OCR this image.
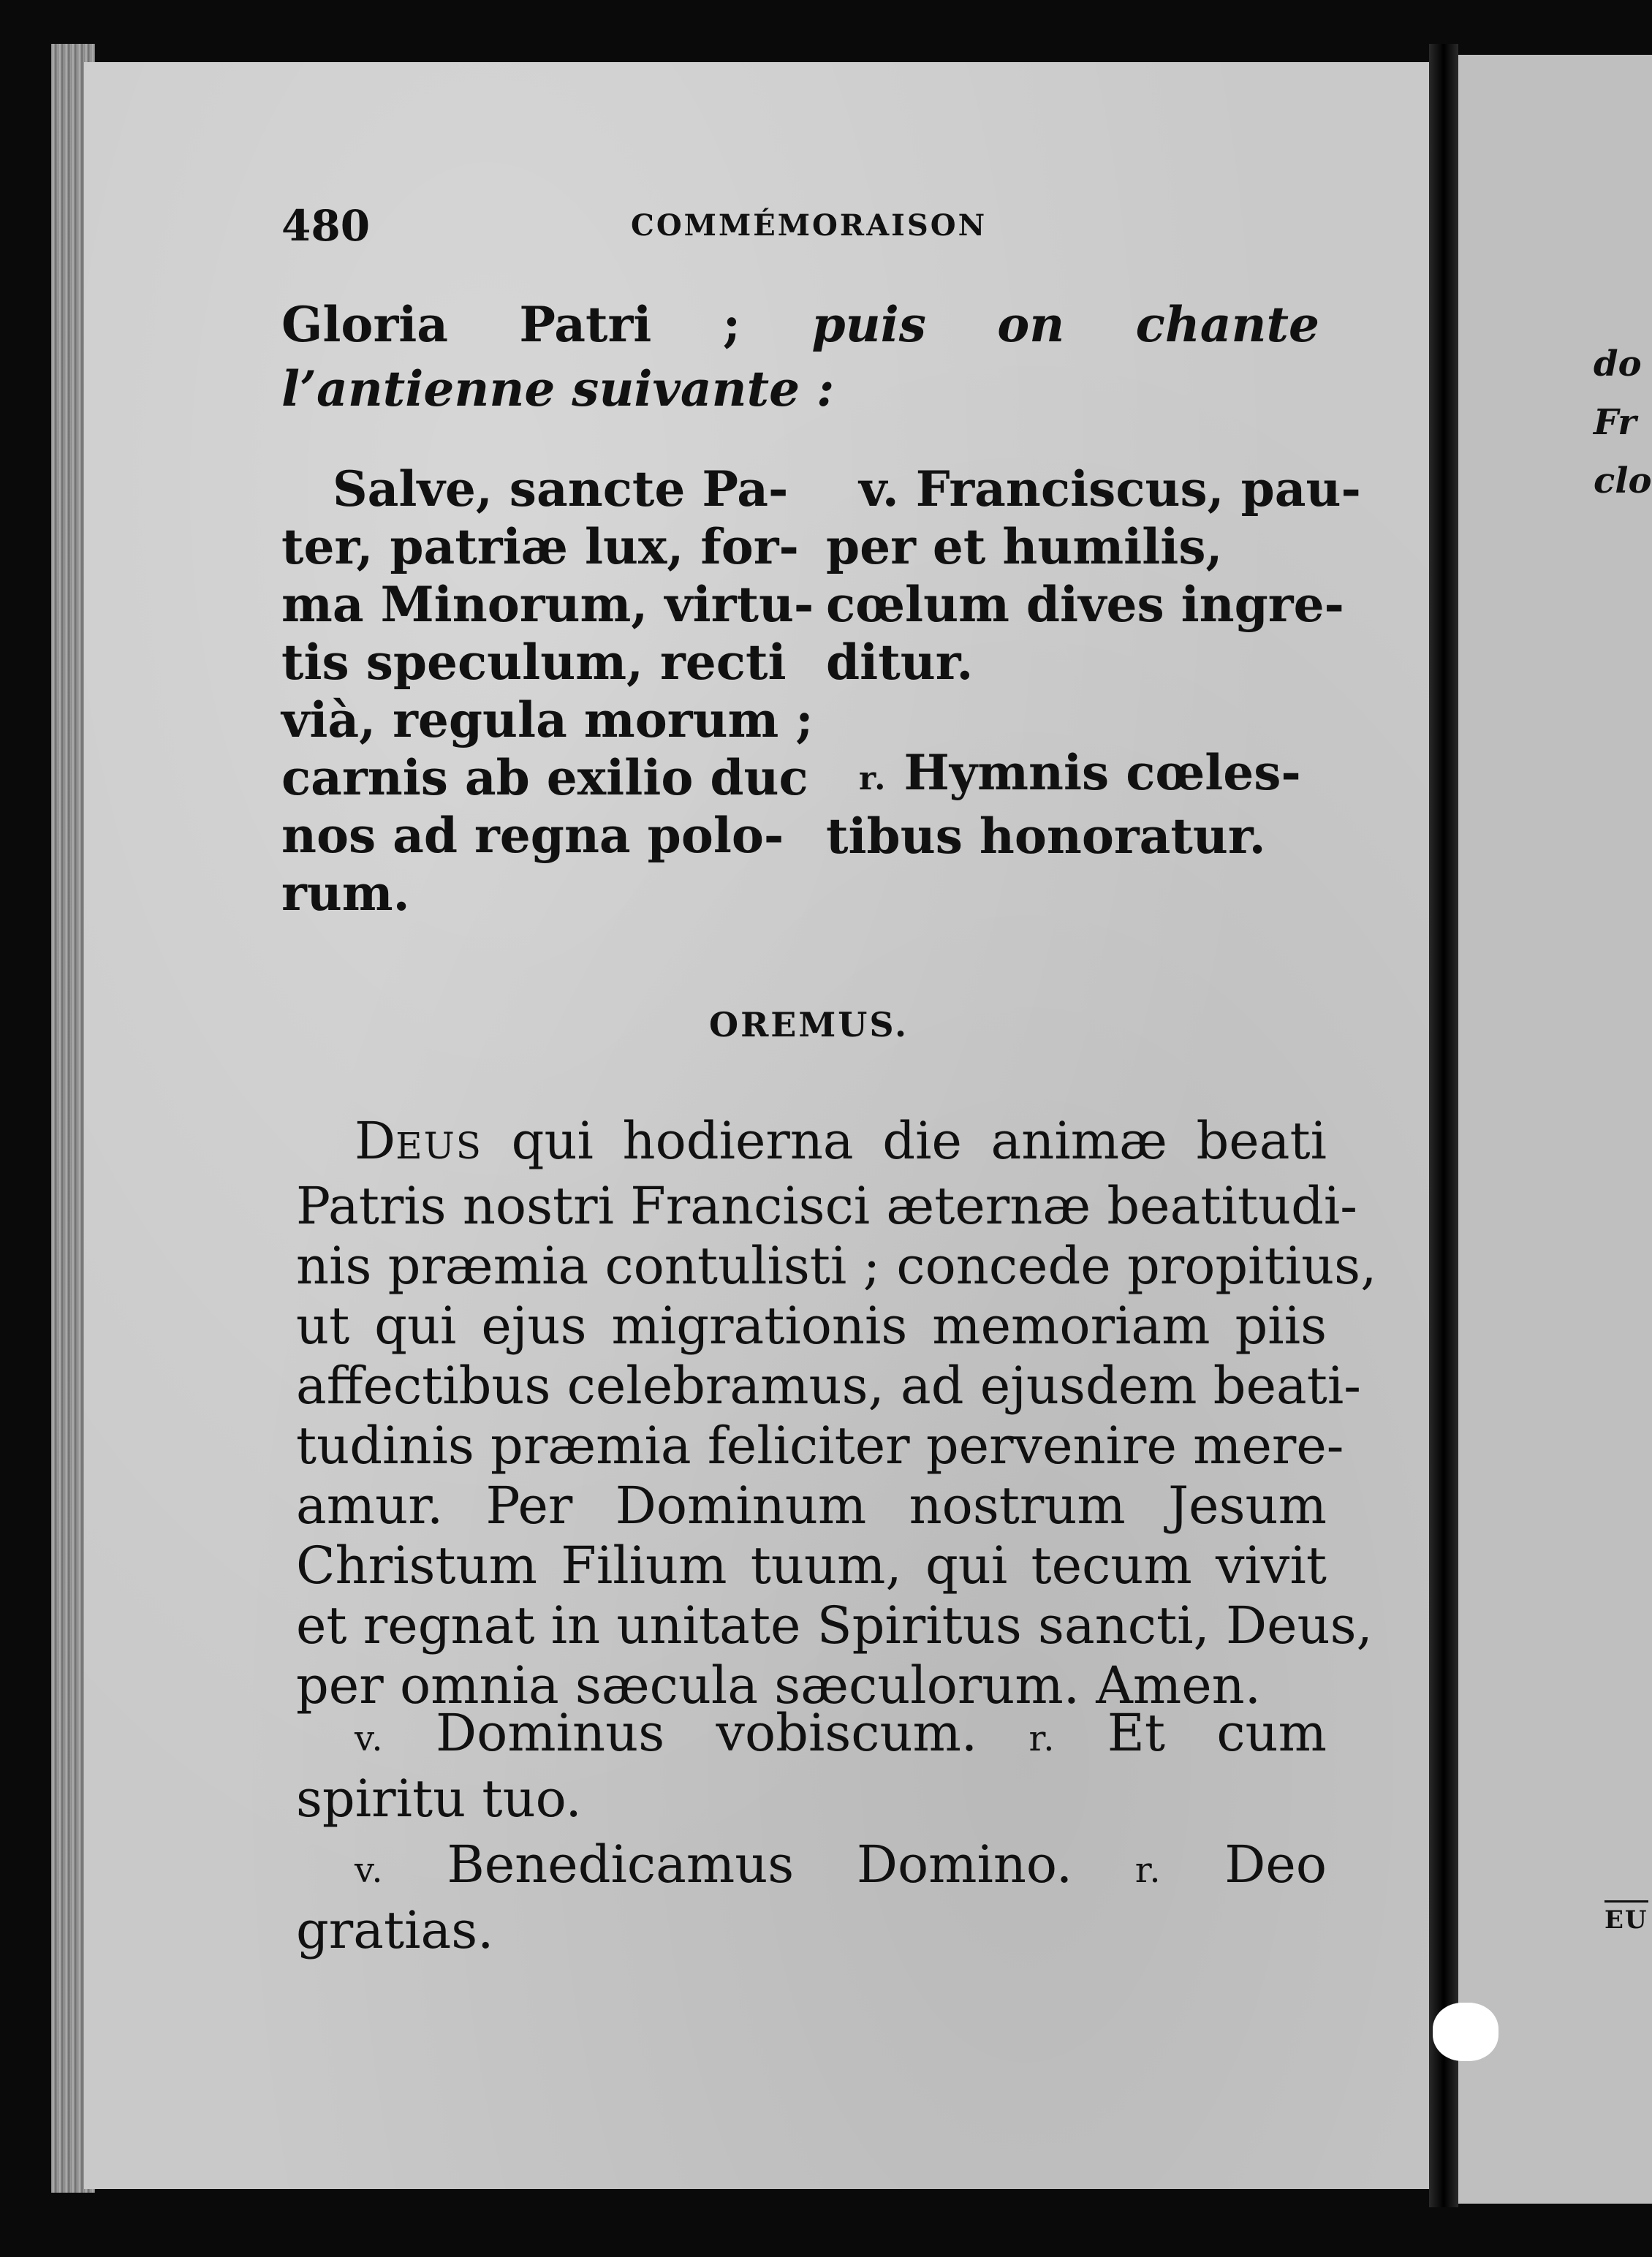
do
Fr
clo
EU
480	COMMÉMORAISON
Gloria Patri ; puis on chante l’antienne suivante :
Salve, sancte Pa-
ter, patriæ lux, for-
ma Minorum, virtu-
tis speculum, recti
vià, regula morum ;
carnis ab exilio duc
nos ad regna polo-
rum.
v. Franciscus, pau-
per et humilis,
cœlum dives ingre-
ditur.
r. Hymnis cœles-
tibus honoratur.
OREMUS.
DEUS qui hodierna die animæ beati
Patris nostri Francisci æternæ beatitudi-
nis præmia contulisti ; concede propitius,
ut qui ejus migrationis memoriam piis
affectibus celebramus, ad ejusdem beati-
tudinis præmia feliciter pervenire mere-
amur. Per Dominum nostrum Jesum
Christum Filium tuum, qui tecum vivit
et regnat in unitate Spiritus sancti, Deus,
per omnia sæcula sæculorum. Amen.
v. Dominus vobiscum. r. Et cum
spiritu tuo.
v. Benedicamus Domino. r. Deo
gratias.
